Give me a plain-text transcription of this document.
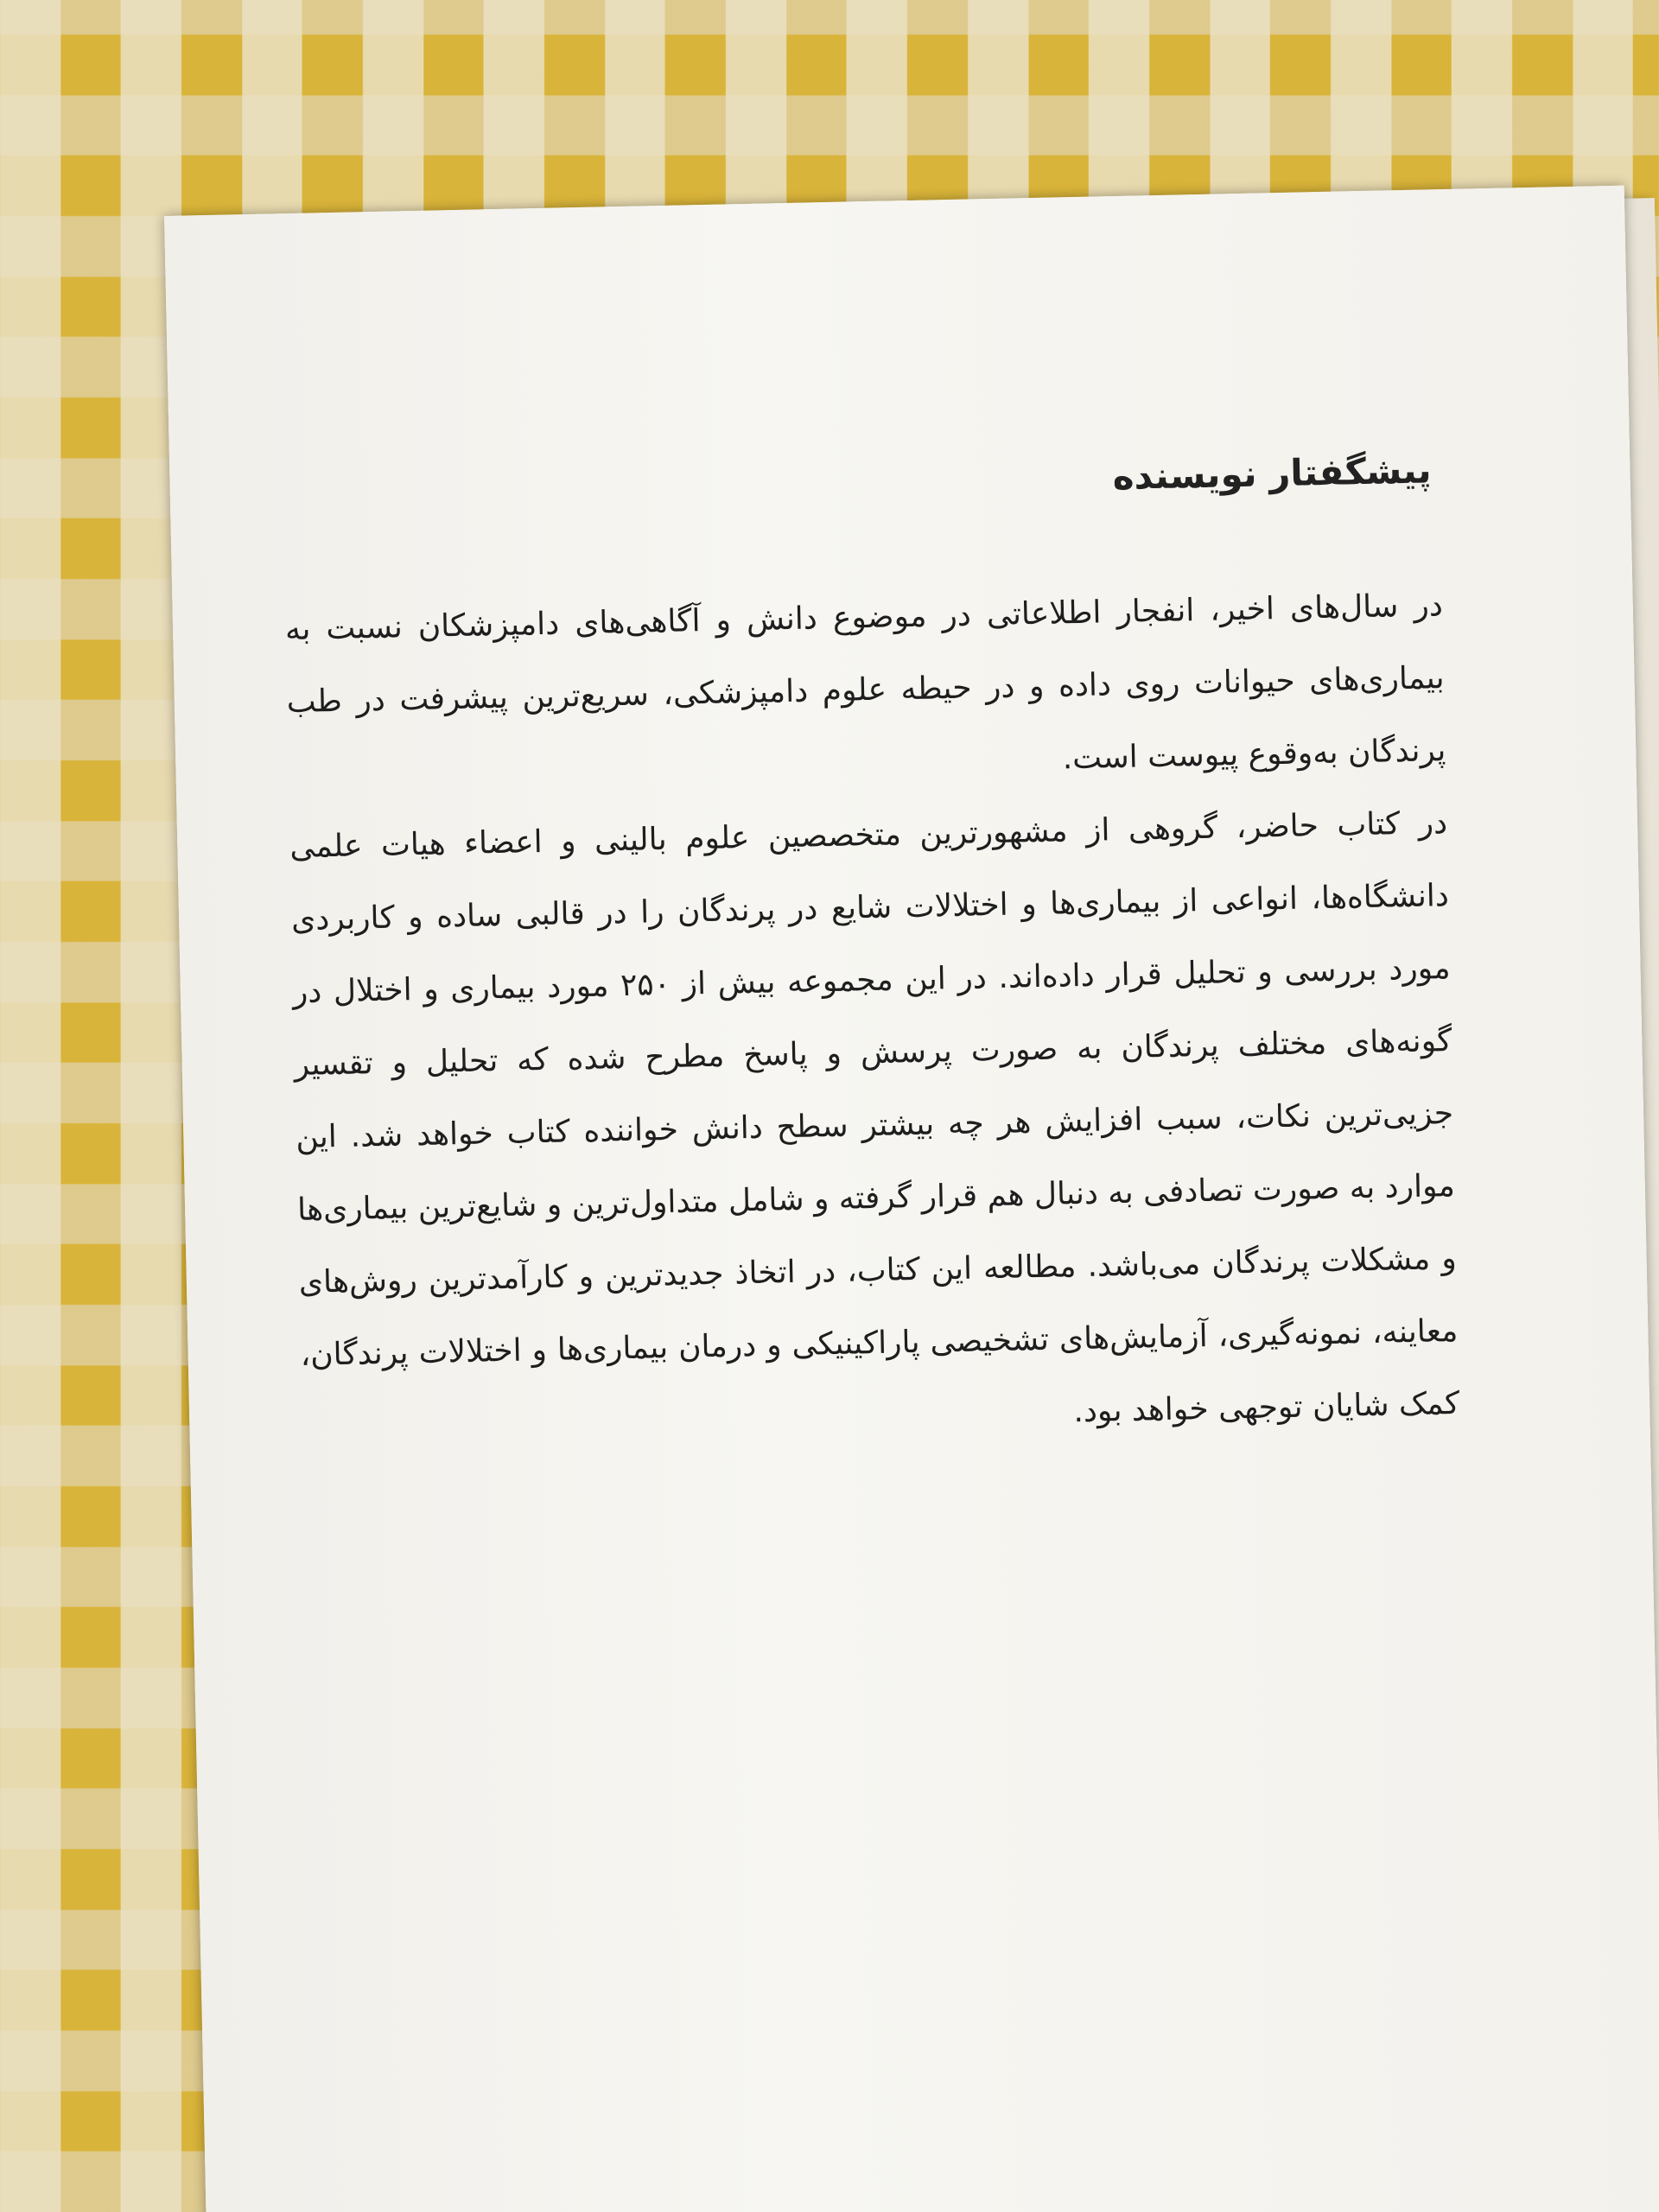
پیشگفتار نویسنده

در سال‌های اخیر، انفجار اطلاعاتی در موضوع دانش و آگاهی‌های دامپزشکان نسبت به بیماری‌های حیوانات روی داده و در حیطه علوم دامپزشکی، سریع‌ترین پیشرفت در طب پرندگان به‌وقوع پیوست است.

در کتاب حاضر، گروهی از مشهورترین متخصصین علوم بالینی و اعضاء هیات علمی دانشگاه‌ها، انواعی از بیماری‌ها و اختلالات شایع در پرندگان را در قالبی ساده و کاربردی مورد بررسی و تحلیل قرار داده‌اند. در این مجموعه بیش از ۲۵۰ مورد بیماری و اختلال در گونه‌های مختلف پرندگان به صورت پرسش و پاسخ مطرح شده که تحلیل و تقسیر جزیی‌ترین نکات، سبب افزایش هر چه بیشتر سطح دانش خواننده کتاب خواهد شد. این موارد به صورت تصادفی به دنبال هم قرار گرفته و شامل متداول‌ترین و شایع‌ترین بیماری‌ها و مشکلات پرندگان می‌باشد. مطالعه این کتاب، در اتخاذ جدیدترین و کارآمدترین روش‌های معاینه، نمونه‌گیری، آزمایش‌های تشخیصی پاراکینیکی و درمان بیماری‌ها و اختلالات پرندگان، کمک شایان توجهی خواهد بود.
